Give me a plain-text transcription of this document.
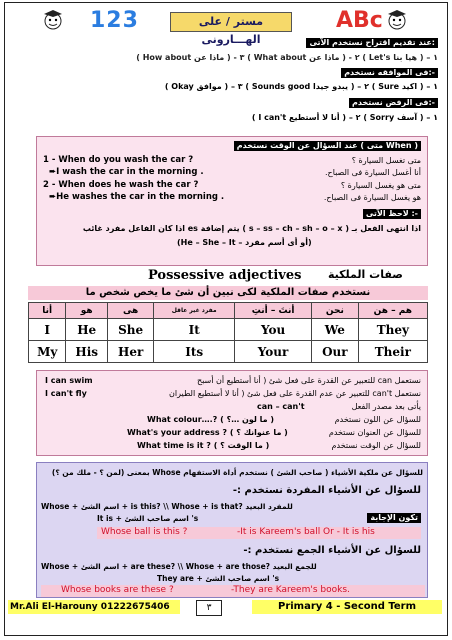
123	مستر / على الهـــارونى
ABc
عند تقديم اقتراح نستخدم الآتى:
١ – ( هيا بنا Let's ) ٢ - ( ماذا عن What about ) ٣ - ( ماذا عن How about )
فى الموافقه نستخدم:-
١ – ( اكيد Sure ) ٢ – ( يبدو جيدا Sounds good ) ٣ – ( موافق Okay )
فى الرفض نستخدم:-
١ – ( آسف Sorry ) ٢ – ( أنا لا أستطيع I can't )
عند السؤال عن الوقت نستخدم ( متى When )
1 - When do you wash the car ?	متى تغسل السيارة ؟
➨I wash the car in the morning .	أنا أغسل السيارة فى الصباح.
2 - When does he wash the car ?	متى هو يغسل السيارة ؟
➨He washes the car in the morning .	هو يغسل السيارة فى الصباح.
لاحظ الآتى :-
اذا انتهى الفعل بـ ( s – ss – ch – sh – o – x ) يتم إضافة es اذا كان الفاعل مفرد غائب
(He – She – It – أو أى أسم مفرد)
Possessive adjectives صفات الملكية
نستخدم صفات الملكية لكى نبين أن شئ ما يخص شخص ما
أنا	هو	هى	مفرد غير عاقل	أنتَ – أنتِ	نحن	هم – هن
I	He	She	It	You	We	They
My	His	Her	Its	Your	Our	Their
I can swim	نستعمل can للتعبير عن القدرة على فعل شئ ( أنا أستطيع أن أسبح
I can't fly	نستعمل can't للتعبير عن عدم القدرة على فعل شئ ( أنا لا أستطيع الطيران
can – can't	يأتى بعد مصدر الفعل
What colour….? ( ما لون …؟ )	للسؤال عن اللون نستخدم
What's your address ? ( ما عنوانك ؟ )	للسؤال عن العنوان نستخدم
What time is it ? ( ما الوقت ؟ )	للسؤال عن الوقت نستخدم
للسؤال عن ملكية الأشياء ( صاحب الشئ ) نستخدم أداة الاستفهام Whose بمعنى (لمن ؟ - ملك من ؟)
للسؤال عن الأشياء المفردة نستخدم :-
Whose + اسم الشئ + is this? \\ Whose + is that? للمفرد البعيد
تكون الإجابة
It is + اسم صاحب الشئ 's
Whose ball is this ?	-It is Kareem's ball Or - It is his
للسؤال عن الأشياء الجمع نستخدم :-
Whose + اسم الشئ + are these? \\ Whose + are those? للجمع البعيد
They are + اسم صاحب الشئ 's
Whose books are these ?	-They are Kareem's books.
Mr.Ali El-Harouny 01222675406	٣	Primary 4 - Second Term
